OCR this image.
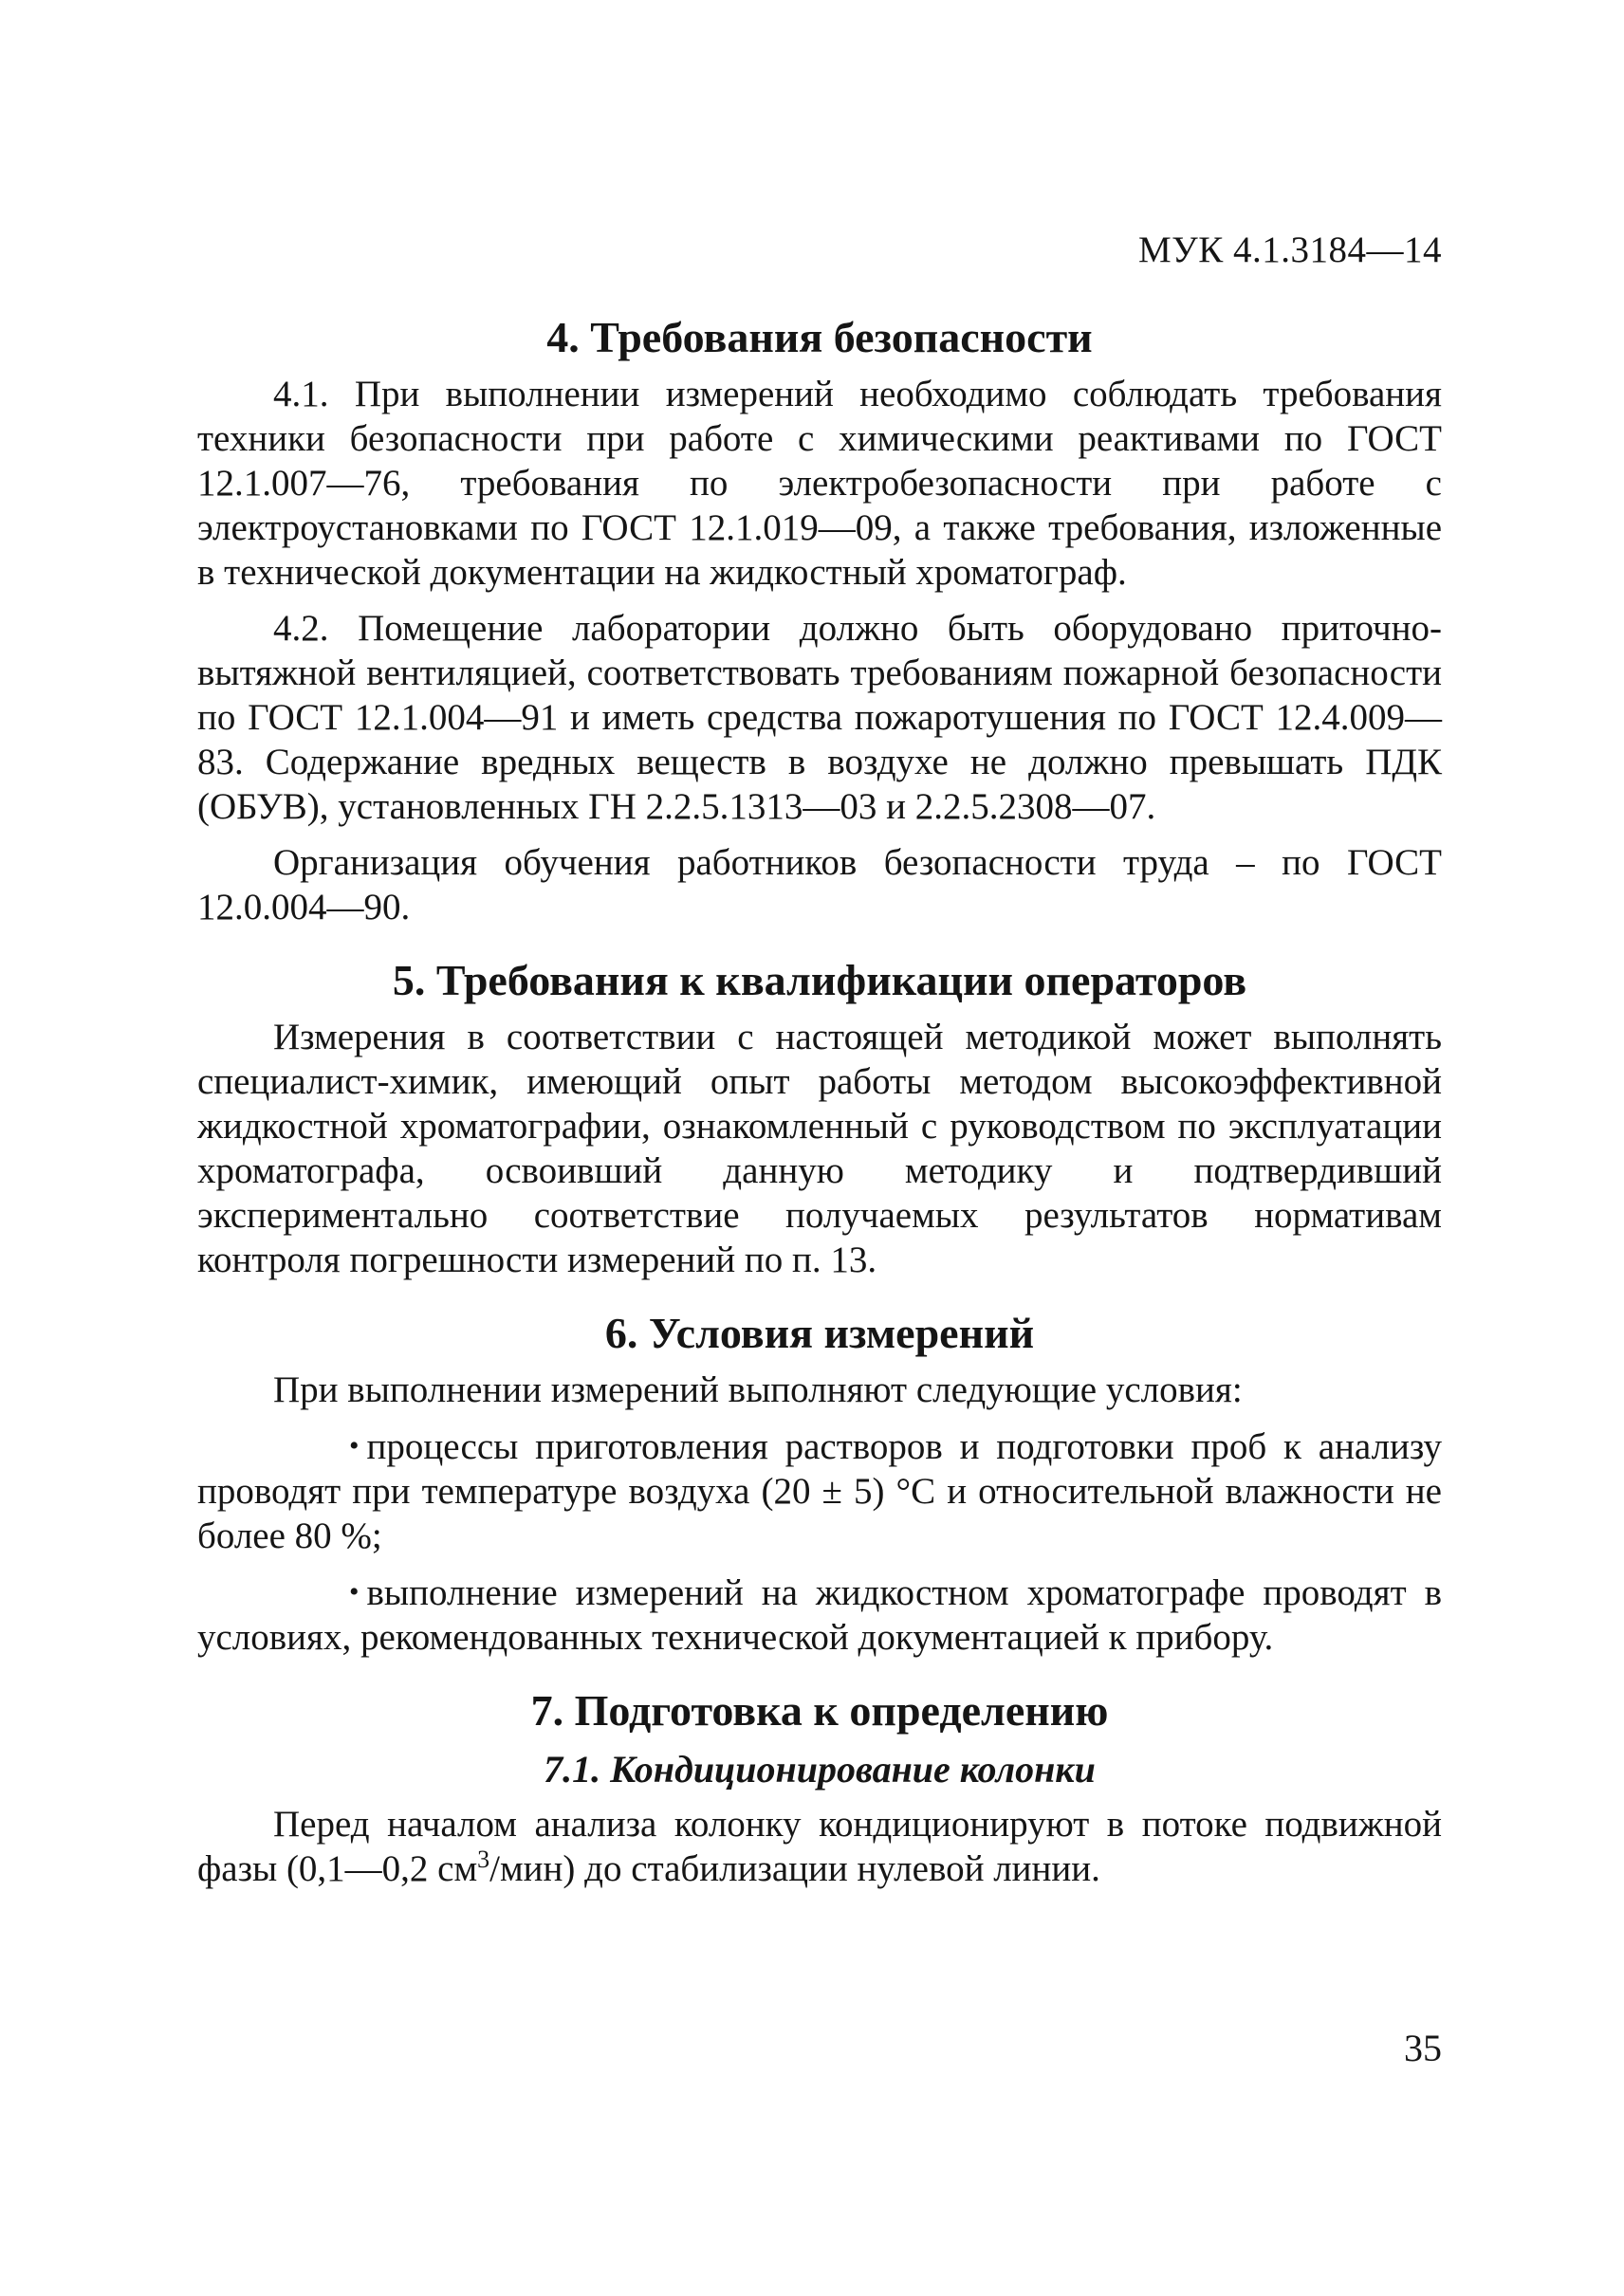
МУК 4.1.3184—14
4. Требования безопасности

4.1. При выполнении измерений необходимо соблюдать требования техники безопасности при работе с химическими реактивами по ГОСТ 12.1.007—76, требования по электробезопасности при работе с электроустановками по ГОСТ 12.1.019—09, а также требования, изложенные в технической документации на жидкостный хроматограф.

4.2. Помещение лаборатории должно быть оборудовано приточно-вытяжной вентиляцией, соответствовать требованиям пожарной безопасности по ГОСТ 12.1.004—91 и иметь средства пожаротушения по ГОСТ 12.4.009—83. Содержание вредных веществ в воздухе не должно превышать ПДК (ОБУВ), установленных ГН 2.2.5.1313—03 и 2.2.5.2308—07.

Организация обучения работников безопасности труда – по ГОСТ 12.0.004—90.

5. Требования к квалификации операторов

Измерения в соответствии с настоящей методикой может выполнять специалист-химик, имеющий опыт работы методом высокоэффективной жидкостной хроматографии, ознакомленный с руководством по эксплуатации хроматографа, освоивший данную методику и подтвердивший экспериментально соответствие получаемых результатов нормативам контроля погрешности измерений по п. 13.

6. Условия измерений

При выполнении измерений выполняют следующие условия:

• процессы приготовления растворов и подготовки проб к анализу проводят при температуре воздуха (20 ± 5) °С и относительной влажности не более 80 %;

• выполнение измерений на жидкостном хроматографе проводят в условиях, рекомендованных технической документацией к прибору.

7. Подготовка к определению
7.1. Кондиционирование колонки

Перед началом анализа колонку кондиционируют в потоке подвижной фазы (0,1—0,2 $см^3/мин$) до стабилизации нулевой линии.

35
